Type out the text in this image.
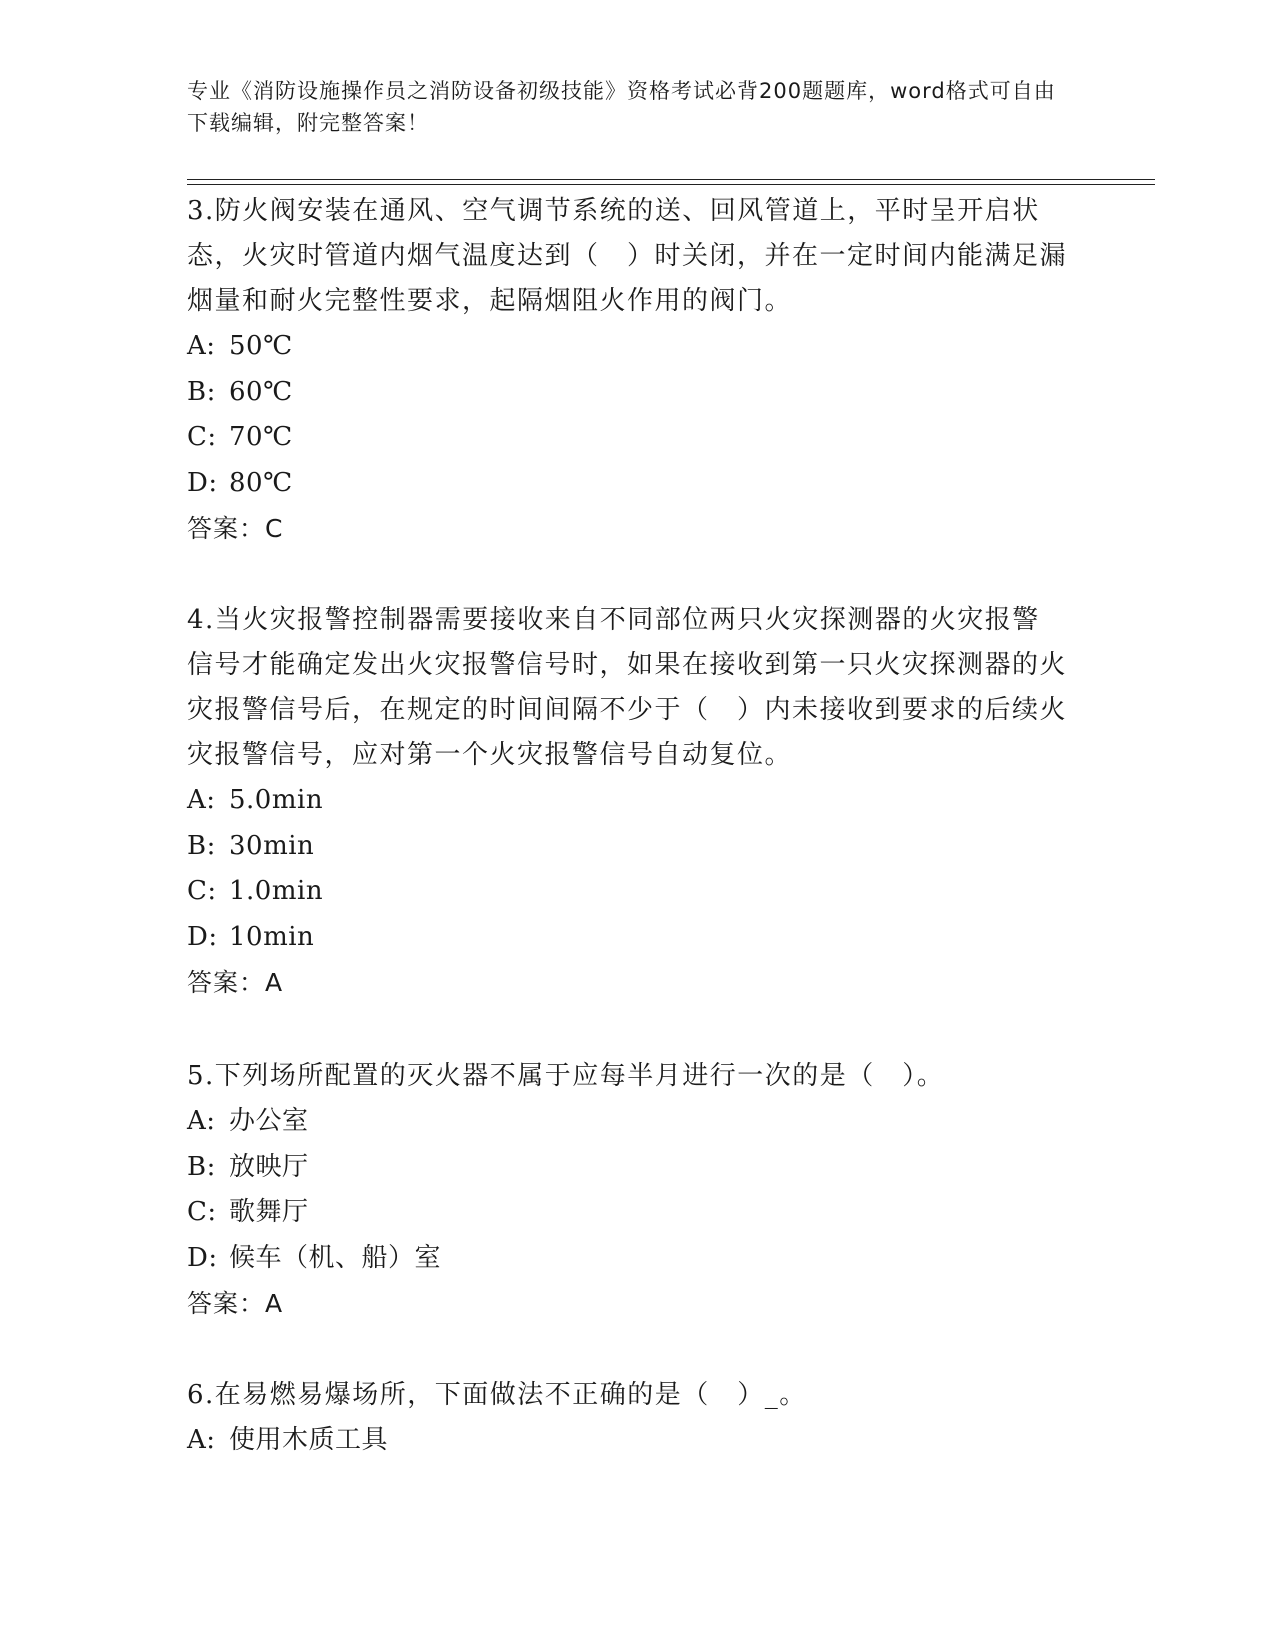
专业《消防设施操作员之消防设备初级技能》资格考试必背200题题库，word格式可自由下载编辑，附完整答案！

3.防火阀安装在通风、空气调节系统的送、回风管道上，平时呈开启状态，火灾时管道内烟气温度达到（　）时关闭，并在一定时间内能满足漏烟量和耐火完整性要求，起隔烟阻火作用的阀门。

A: 50℃

B: 60℃

C: 70℃

D: 80℃

答案：C

4.当火灾报警控制器需要接收来自不同部位两只火灾探测器的火灾报警信号才能确定发出火灾报警信号时，如果在接收到第一只火灾探测器的火灾报警信号后，在规定的时间间隔不少于（　）内未接收到要求的后续火灾报警信号，应对第一个火灾报警信号自动复位。

A: 5.0min

B: 30min

C: 1.0min

D: 10min

答案：A

5.下列场所配置的灭火器不属于应每半月进行一次的是（　）。

A: 办公室

B: 放映厅

C: 歌舞厅

D: 候车（机、船）室

答案：A

6.在易燃易爆场所，下面做法不正确的是（　）_。

A: 使用木质工具
